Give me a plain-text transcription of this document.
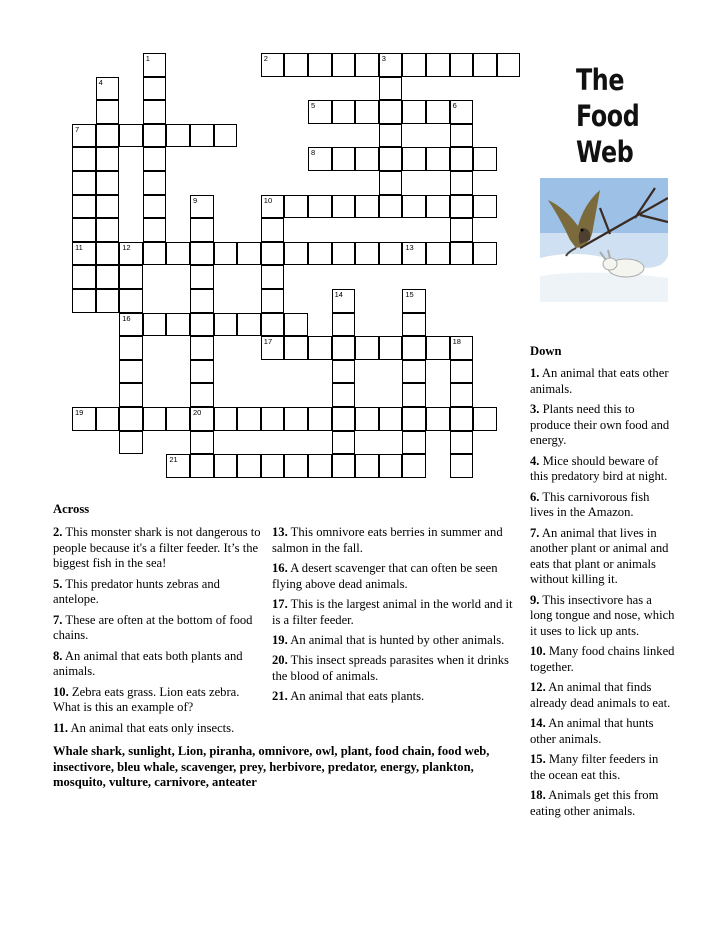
2	3
5	6
7
8
10
11	12	13
16
17	18
19	20
21
4
1
9
14	15
The
Food
Web
Across

2. This monster shark is not dangerous to people because it's a filter feeder. It’s the biggest fish in the sea!

5. This predator hunts zebras and antelope.

7. These are often at the bottom of food chains.

8. An animal that eats both plants and animals.

10. Zebra eats grass. Lion eats zebra. What is this an example of?

11. An animal that eats only insects.

13. This omnivore eats berries in summer and salmon in the fall.

16. A desert scavenger that can often be seen flying above dead animals.

17. This is the largest animal in the world and it is a filter feeder.

19. An animal that is hunted by other animals.

20. This insect spreads parasites when it drinks the blood of animals.

21. An animal that eats plants.

Down

1. An animal that eats other animals.

3. Plants need this to produce their own food and energy.

4. Mice should beware of this predatory bird at night.

6. This carnivorous fish lives in the Amazon.

7. An animal that lives in another plant or animal and eats that plant or animals without killing it.

9. This insectivore has a long tongue and nose, which it uses to lick up ants.

10. Many food chains linked together.

12. An animal that finds already dead animals to eat.

14. An animal that hunts other animals.

15. Many filter feeders in the ocean eat this.

18. Animals get this from eating other animals.

Whale shark, sunlight, Lion, piranha, omnivore, owl, plant, food chain, food web, insectivore, bleu whale, scavenger, prey, herbivore, predator, energy, plankton, mosquito, vulture, carnivore, anteater
